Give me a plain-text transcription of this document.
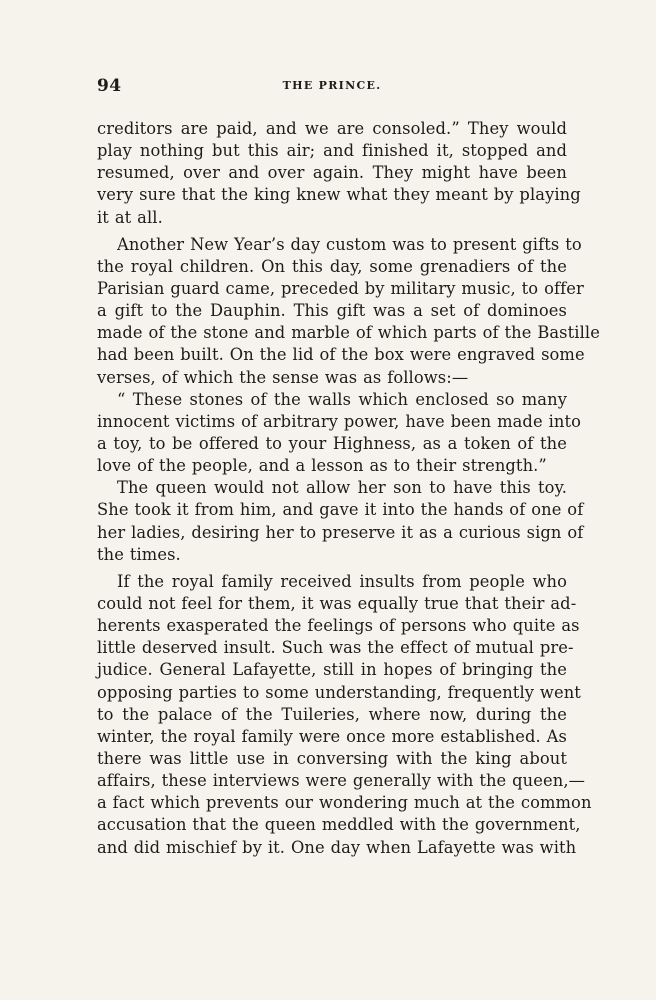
94	THE PRINCE.
creditors are paid, and we are consoled.” They would
play nothing but this air; and finished it, stopped and
resumed, over and over again. They might have been
very sure that the king knew what they meant by playing
it at all.
Another New Year’s day custom was to present gifts to
the royal children. On this day, some grenadiers of the
Parisian guard came, preceded by military music, to offer
a gift to the Dauphin. This gift was a set of dominoes
made of the stone and marble of which parts of the Bastille
had been built. On the lid of the box were engraved some
verses, of which the sense was as follows:—
“ These stones of the walls which enclosed so many
innocent victims of arbitrary power, have been made into
a toy, to be offered to your Highness, as a token of the
love of the people, and a lesson as to their strength.”
The queen would not allow her son to have this toy.
She took it from him, and gave it into the hands of one of
her ladies, desiring her to preserve it as a curious sign of
the times.
If the royal family received insults from people who
could not feel for them, it was equally true that their ad-
herents exasperated the feelings of persons who quite as
little deserved insult. Such was the effect of mutual pre-
judice. General Lafayette, still in hopes of bringing the
opposing parties to some understanding, frequently went
to the palace of the Tuileries, where now, during the
winter, the royal family were once more established. As
there was little use in conversing with the king about
affairs, these interviews were generally with the queen,—
a fact which prevents our wondering much at the common
accusation that the queen meddled with the government,
and did mischief by it. One day when Lafayette was with
